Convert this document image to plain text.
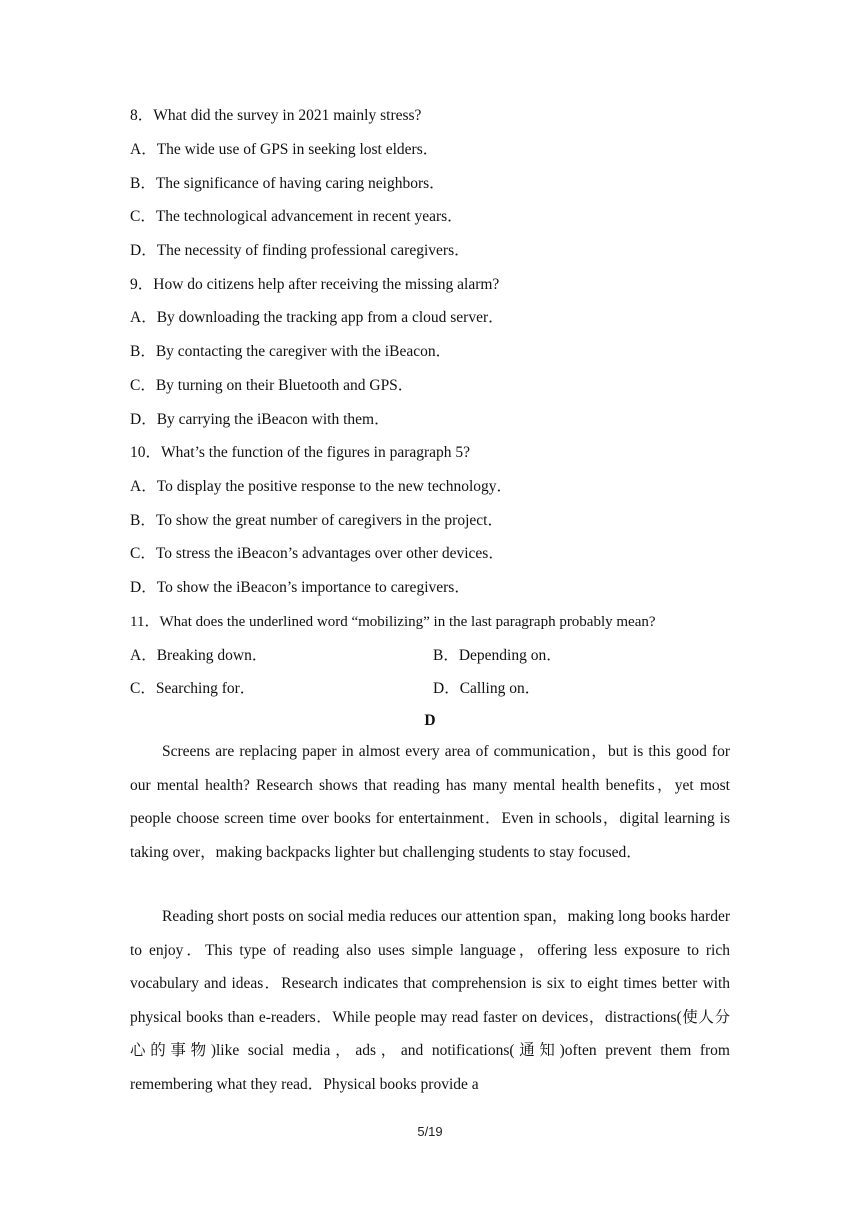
8．What did the survey in 2021 mainly stress?
A．The wide use of GPS in seeking lost elders．
B．The significance of having caring neighbors．
C．The technological advancement in recent years．
D．The necessity of finding professional caregivers．
9．How do citizens help after receiving the missing alarm?
A．By downloading the tracking app from a cloud server．
B．By contacting the caregiver with the iBeacon．
C．By turning on their Bluetooth and GPS．
D．By carrying the iBeacon with them．
10．What’s the function of the figures in paragraph 5?
A．To display the positive response to the new technology．
B．To show the great number of caregivers in the project．
C．To stress the iBeacon’s advantages over other devices．
D．To show the iBeacon’s importance to caregivers．
11．What does the underlined word “mobilizing” in the last paragraph probably mean?
A．Breaking down．	B．Depending on．
C．Searching for．	D．Calling on．
D

Screens are replacing paper in almost every area of communication，but is this good for our mental health? Research shows that reading has many mental health benefits，yet most people choose screen time over books for entertainment．Even in schools，digital learning is taking over，making backpacks lighter but challenging students to stay focused．

Reading short posts on social media reduces our attention span，making long books harder to enjoy．This type of reading also uses simple language，offering less exposure to rich vocabulary and ideas．Research indicates that comprehension is six to eight times better with physical books than e-readers．While people may read faster on devices，distractions(使人分心的事物)like social media，ads，and notifications(通知)often prevent them from remembering what they read．Physical books provide a

5/19
